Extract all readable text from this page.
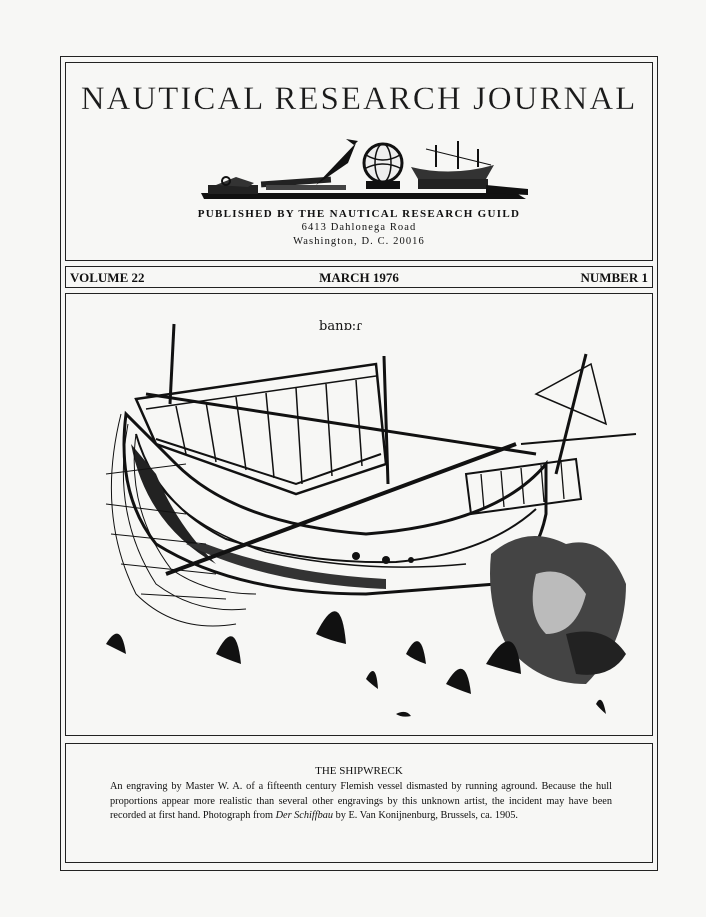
NAUTICAL RESEARCH JOURNAL
PUBLISHED BY THE NAUTICAL RESEARCH GUILD
6413 Dahlonega Road
Washington, D. C. 20016
VOLUME 22	MARCH 1976	NUMBER 1
banɒ:ɾ
THE SHIPWRECK
An engraving by Master W. A. of a fifteenth century Flemish vessel dismasted by running aground. Because the hull proportions appear more realistic than several other engravings by this unknown artist, the incident may have been recorded at first hand. Photograph from Der Schiffbau by E. Van Konijnenburg, Brussels, ca. 1905.
